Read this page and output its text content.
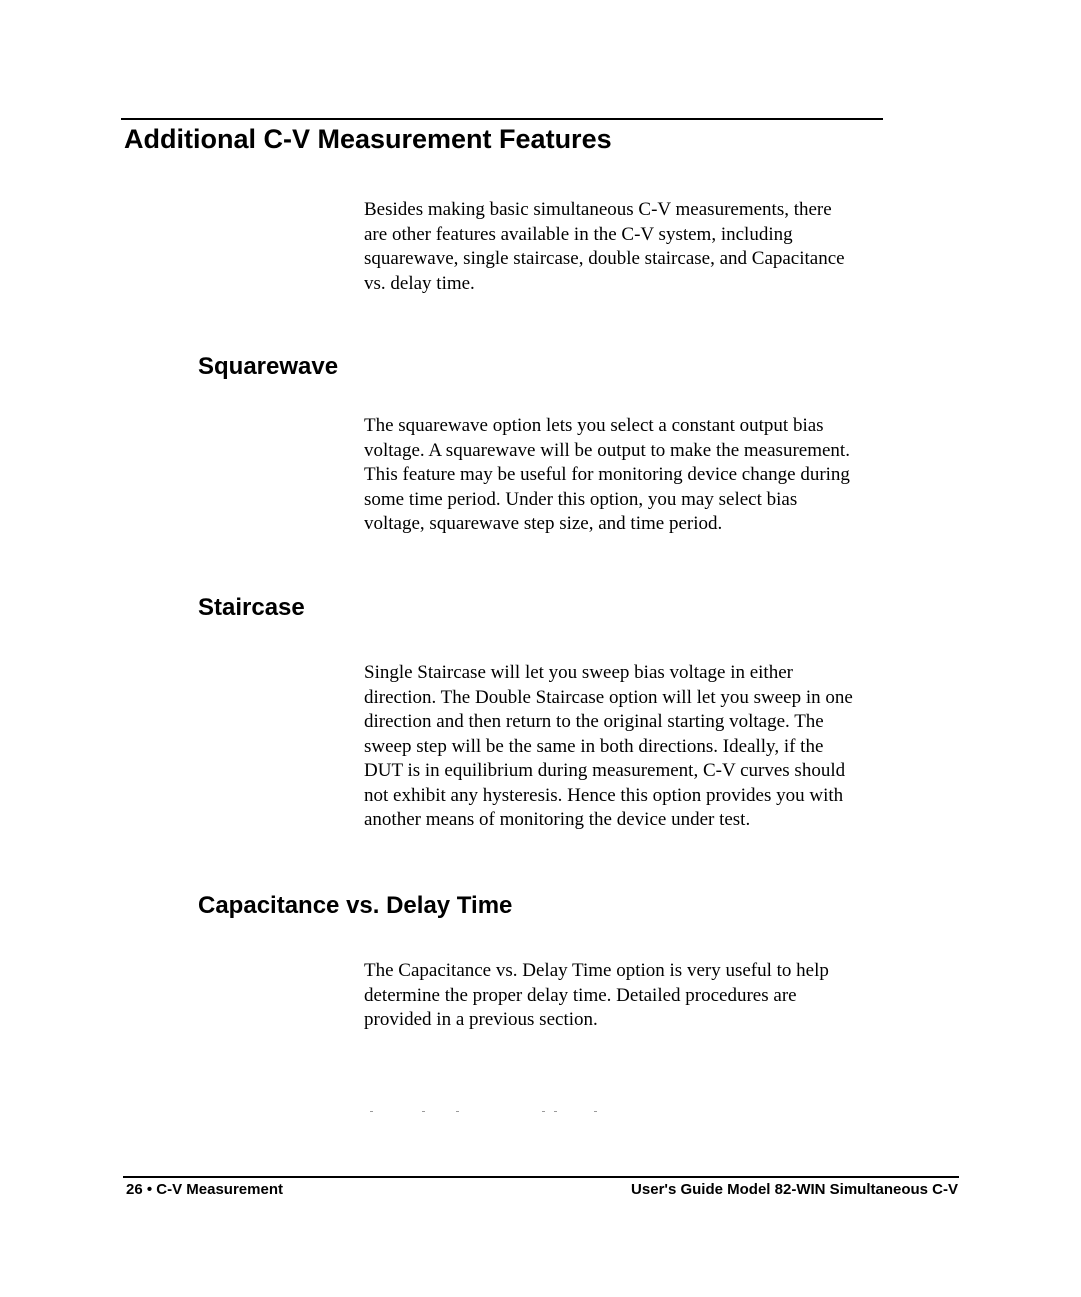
Additional C-V Measurement Features

Besides making basic simultaneous C-V measurements, there
are other features available in the C-V system, including
squarewave, single staircase, double staircase, and Capacitance
vs. delay time.

Squarewave

The squarewave option lets you select a constant output bias
voltage. A squarewave will be output to make the measurement.
This feature may be useful for monitoring device change during
some time period. Under this option, you may select bias
voltage, squarewave step size, and time period.

Staircase

Single Staircase will let you sweep bias voltage in either
direction. The Double Staircase option will let you sweep in one
direction and then return to the original starting voltage. The
sweep step will be the same in both directions. Ideally, if the
DUT is in equilibrium during measurement, C-V curves should
not exhibit any hysteresis. Hence this option provides you with
another means of monitoring the device under test.

Capacitance vs. Delay Time

The Capacitance vs. Delay Time option is very useful to help
determine the proper delay time. Detailed procedures are
provided in a previous section.

26 • C-V Measurement	User's Guide Model 82-WIN Simultaneous C-V
